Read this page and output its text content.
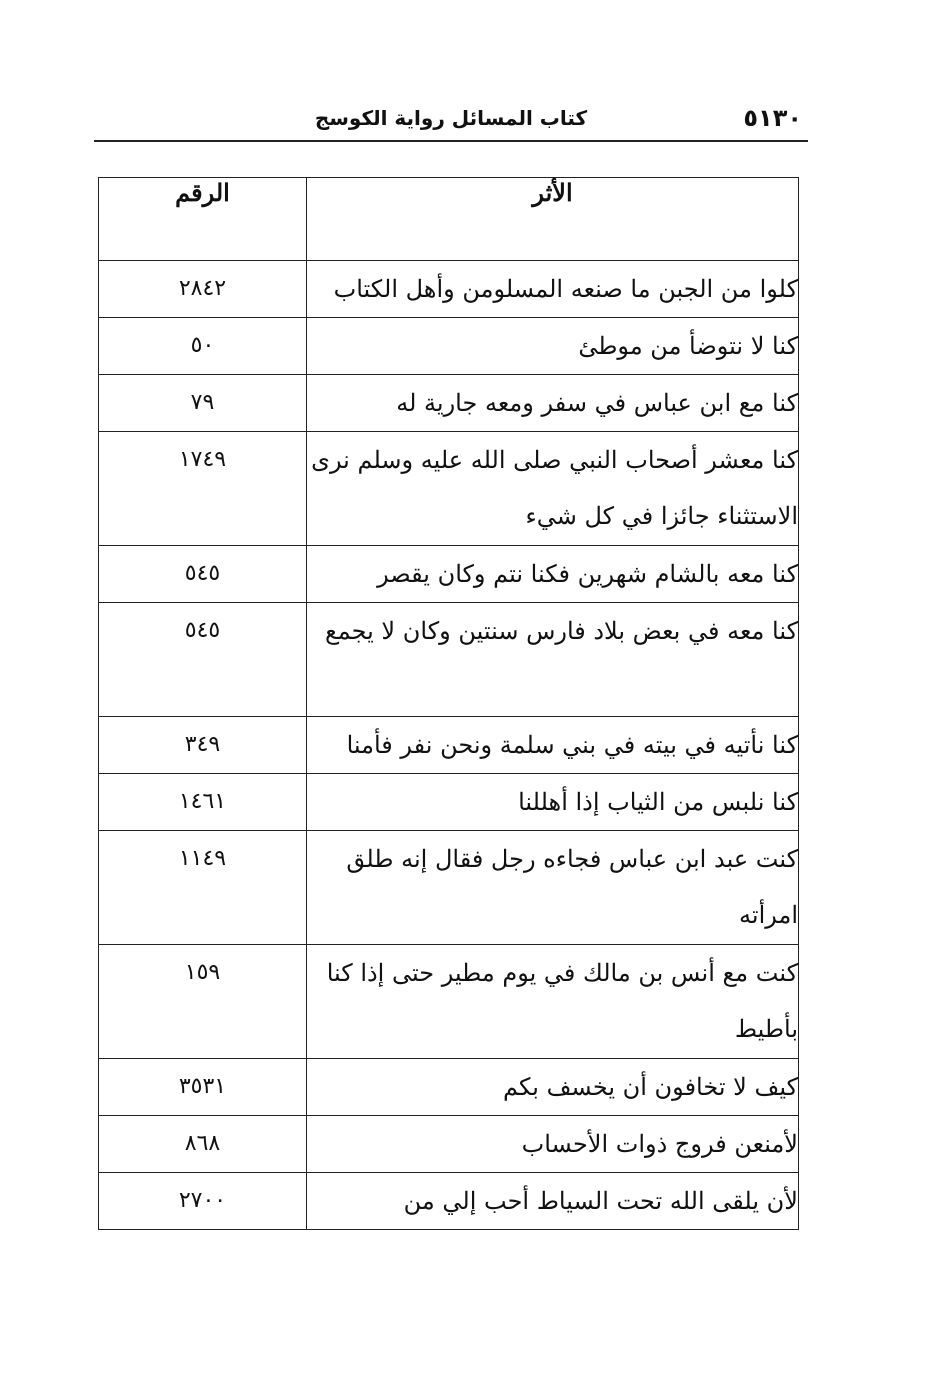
٥١٣٠
كتاب المسائل رواية الكوسج
الأثر	الرقم
كلوا من الجبن ما صنعه المسلومن وأهل الكتاب	٢٨٤٢
كنا لا نتوضأ من موطئ	٥٠
كنا مع ابن عباس في سفر ومعه جارية له	٧٩
كنا معشر أصحاب النبي صلى الله عليه وسلم نرى الاستثناء جائزا في كل شيء	١٧٤٩
كنا معه بالشام شهرين فكنا نتم وكان يقصر	٥٤٥
كنا معه في بعض بلاد فارس سنتين وكان لا يجمع	٥٤٥
كنا نأتيه في بيته في بني سلمة ونحن نفر فأمنا	٣٤٩
كنا نلبس من الثياب إذا أهللنا	١٤٦١
كنت عبد ابن عباس فجاءه رجل فقال إنه طلق امرأته	١١٤٩
كنت مع أنس بن مالك في يوم مطير حتى إذا كنا بأطيط	١٥٩
كيف لا تخافون أن يخسف بكم	٣٥٣١
لأمنعن فروج ذوات الأحساب	٨٦٨
لأن يلقى الله تحت السياط أحب إلي من	٢٧٠٠
